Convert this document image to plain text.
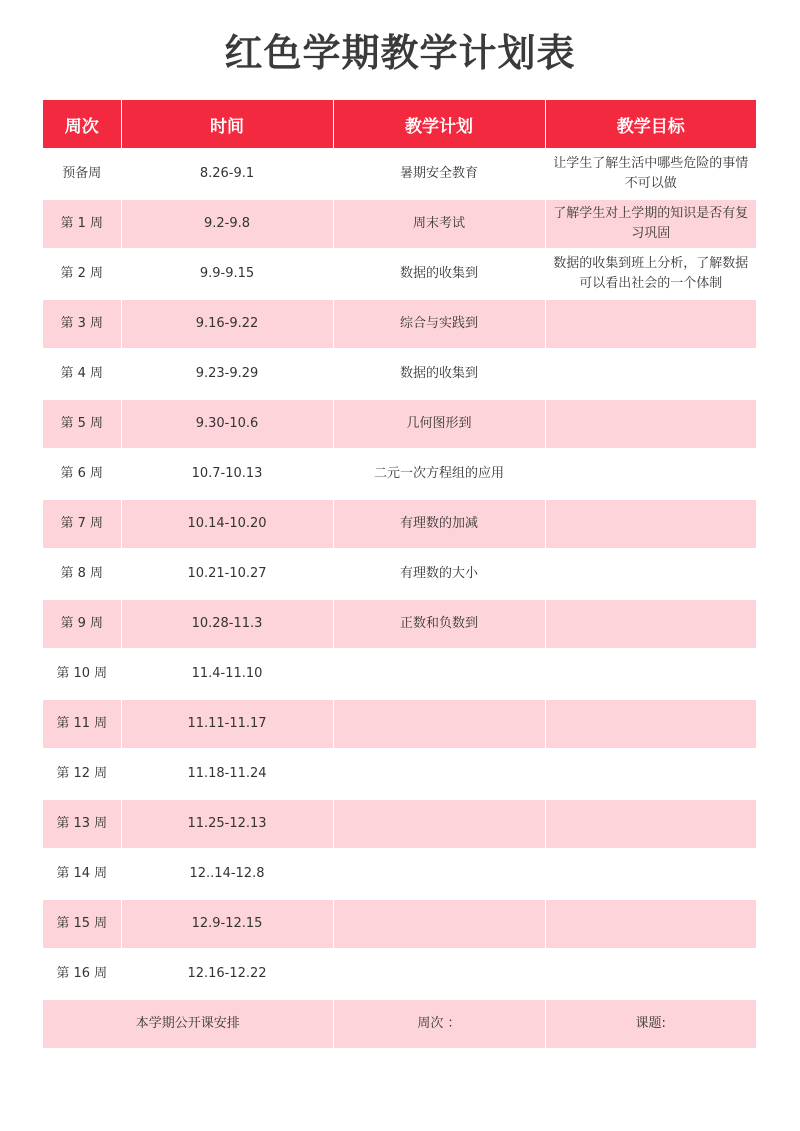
红色学期教学计划表
周次	时间	教学计划	教学目标
预备周	8.26-9.1	暑期安全教育	让学生了解生活中哪些危险的事情不可以做
第 1 周	9.2-9.8	周末考试	了解学生对上学期的知识是否有复习巩固
第 2 周	9.9-9.15	数据的收集到	数据的收集到班上分析，了解数据可以看出社会的一个体制
第 3 周	9.16-9.22	综合与实践到	
第 4 周	9.23-9.29	数据的收集到	
第 5 周	9.30-10.6	几何图形到	
第 6 周	10.7-10.13	二元一次方程组的应用	
第 7 周	10.14-10.20	有理数的加减	
第 8 周	10.21-10.27	有理数的大小	
第 9 周	10.28-11.3	正数和负数到	
第 10 周	11.4-11.10		
第 11 周	11.11-11.17		
第 12 周	11.18-11.24		
第 13 周	11.25-12.13		
第 14 周	12..14-12.8		
第 15 周	12.9-12.15		
第 16 周	12.16-12.22		
本学期公开课安排		周次 ：	课题:
